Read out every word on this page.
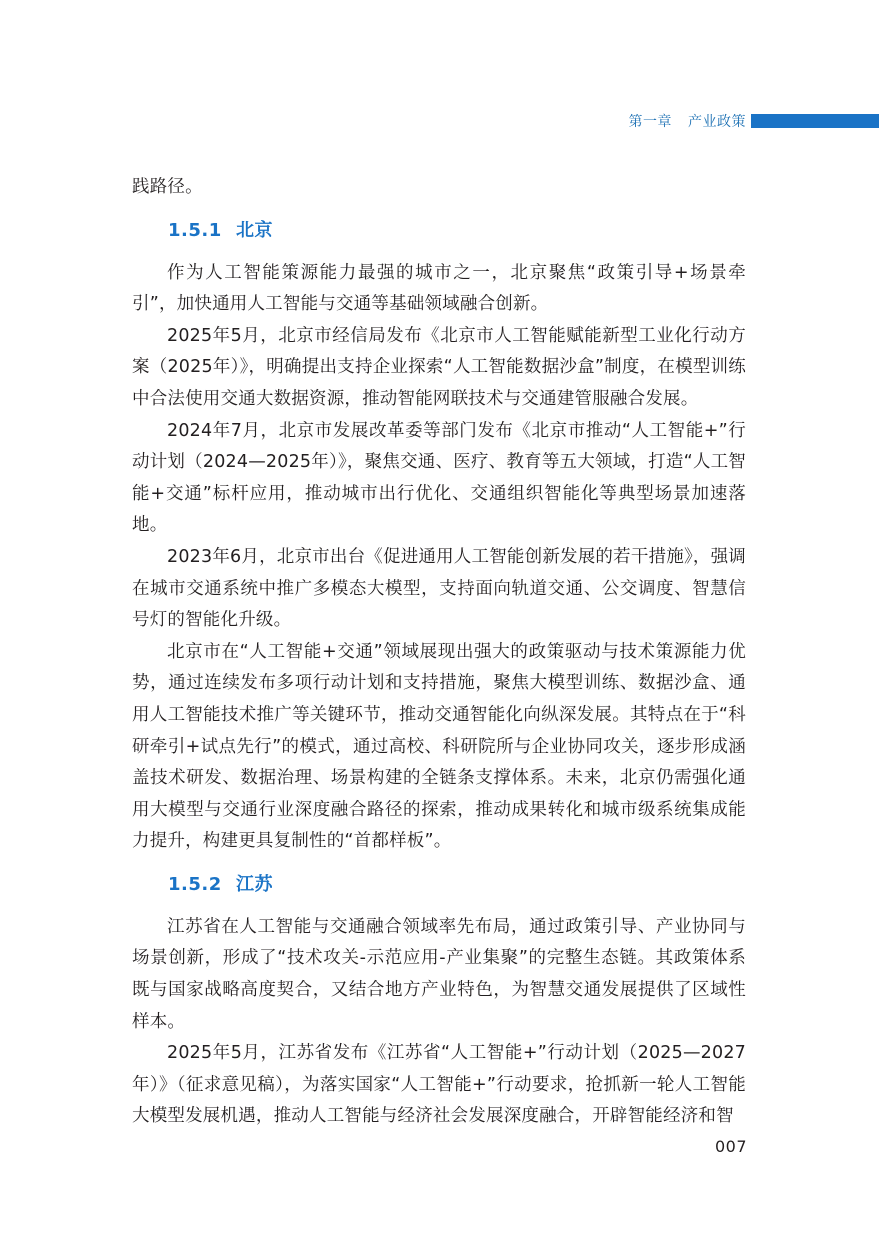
第一章 产业政策

践路径。

1.5.1 北京

作为人工智能策源能力最强的城市之一，北京聚焦“政策引导+场景牵引”，加快通用人工智能与交通等基础领域融合创新。

2025年5月，北京市经信局发布《北京市人工智能赋能新型工业化行动方案（2025年）》，明确提出支持企业探索“人工智能数据沙盒”制度，在模型训练中合法使用交通大数据资源，推动智能网联技术与交通建管服融合发展。

2024年7月，北京市发展改革委等部门发布《北京市推动“人工智能+”行动计划（2024—2025年）》，聚焦交通、医疗、教育等五大领域，打造“人工智能+交通”标杆应用，推动城市出行优化、交通组织智能化等典型场景加速落地。

2023年6月，北京市出台《促进通用人工智能创新发展的若干措施》，强调在城市交通系统中推广多模态大模型，支持面向轨道交通、公交调度、智慧信号灯的智能化升级。

北京市在“人工智能+交通”领域展现出强大的政策驱动与技术策源能力优势，通过连续发布多项行动计划和支持措施，聚焦大模型训练、数据沙盒、通用人工智能技术推广等关键环节，推动交通智能化向纵深发展。其特点在于“科研牵引+试点先行”的模式，通过高校、科研院所与企业协同攻关，逐步形成涵盖技术研发、数据治理、场景构建的全链条支撑体系。未来，北京仍需强化通用大模型与交通行业深度融合路径的探索，推动成果转化和城市级系统集成能力提升，构建更具复制性的“首都样板”。

1.5.2 江苏

江苏省在人工智能与交通融合领域率先布局，通过政策引导、产业协同与场景创新，形成了“技术攻关-示范应用-产业集聚”的完整生态链。其政策体系既与国家战略高度契合，又结合地方产业特色，为智慧交通发展提供了区域性样本。

2025年5月，江苏省发布《江苏省“人工智能+”行动计划（2025—2027年）》（征求意见稿），为落实国家“人工智能+”行动要求，抢抓新一轮人工智能大模型发展机遇，推动人工智能与经济社会发展深度融合，开辟智能经济和智

007
